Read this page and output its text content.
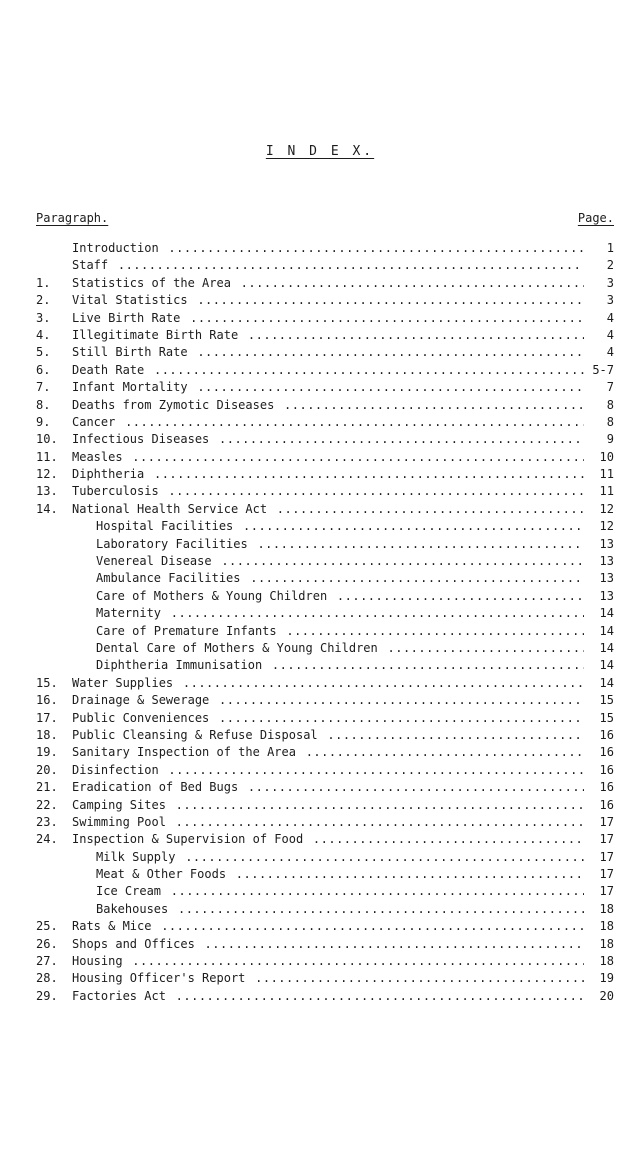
I N D E X.
Paragraph.	Page.
Introduction .....	1
Staff .....	2
1.	Statistics of the Area .....	3
2.	Vital Statistics .....	3
3.	Live Birth Rate .....	4
4.	Illegitimate Birth Rate .....	4
5.	Still Birth Rate .....	4
6.	Death Rate .....	5-7
7.	Infant Mortality .....	7
8.	Deaths from Zymotic Diseases .....	8
9.	Cancer .....	8
10.	Infectious Diseases .....	9
11.	Measles .....	10
12.	Diphtheria .....	11
13.	Tuberculosis .....	11
14.	National Health Service Act .....	12
Hospital Facilities .....	12
Laboratory Facilities .....	13
Venereal Disease .....	13
Ambulance Facilities .....	13
Care of Mothers & Young Children .....	13
Maternity .....	14
Care of Premature Infants .....	14
Dental Care of Mothers & Young Children .....	14
Diphtheria Immunisation .....	14
15.	Water Supplies .....	14
16.	Drainage & Sewerage .....	15
17.	Public Conveniences .....	15
18.	Public Cleansing & Refuse Disposal .....	16
19.	Sanitary Inspection of the Area .....	16
20.	Disinfection .....	16
21.	Eradication of Bed Bugs .....	16
22.	Camping Sites .....	16
23.	Swimming Pool .....	17
24.	Inspection & Supervision of Food .....	17
Milk Supply .....	17
Meat & Other Foods .....	17
Ice Cream .....	17
Bakehouses .....	18
25.	Rats & Mice .....	18
26.	Shops and Offices .....	18
27.	Housing .....	18
28.	Housing Officer's Report .....	19
29.	Factories Act .....	20
